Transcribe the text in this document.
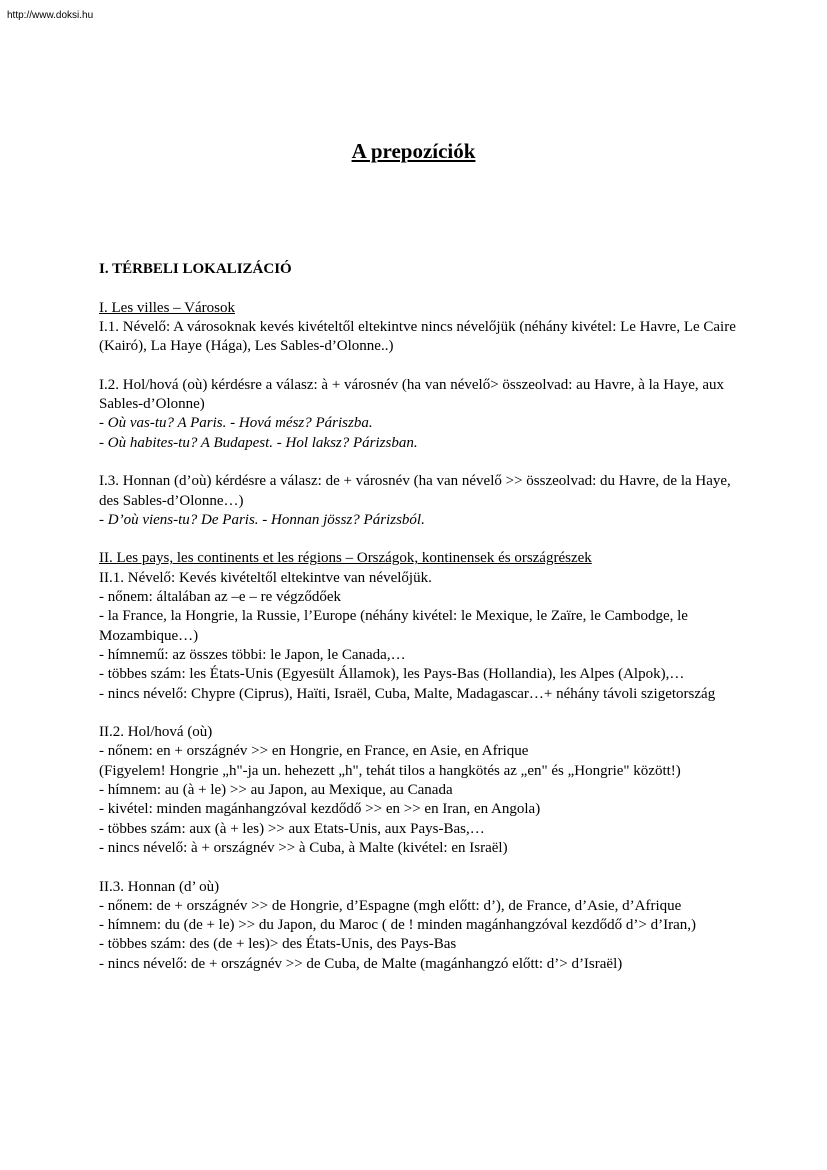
http://www.doksi.hu
A prepozíciók

I. TÉRBELI LOKALIZÁCIÓ

I. Les villes – Városok

I.1. Névelő: A városoknak kevés kivételtől eltekintve nincs névelőjük (néhány kivétel: Le Havre, Le Caire (Kairó), La Haye (Hága), Les Sables-d’Olonne..)

I.2. Hol/hová (où) kérdésre a válasz: à + városnév (ha van névelő> összeolvad: au Havre, à la Haye, aux Sables-d’Olonne)

- Où vas-tu? A Paris. - Hová mész? Páriszba.

- Où habites-tu? A Budapest. - Hol laksz? Párizsban.

I.3. Honnan (d’où) kérdésre a válasz: de + városnév (ha van névelő >> összeolvad: du Havre, de la Haye, des Sables-d’Olonne…)

- D’où viens-tu? De Paris. - Honnan jössz? Párizsból.

II. Les pays, les continents et les régions – Országok, kontinensek és országrészek

II.1. Névelő: Kevés kivételtől eltekintve van névelőjük.

- nőnem: általában az –e – re végződőek

- la France, la Hongrie, la Russie, l’Europe (néhány kivétel: le Mexique, le Zaïre, le Cambodge, le Mozambique…)

- hímnemű: az összes többi: le Japon, le Canada,…

- többes szám: les États-Unis (Egyesült Államok), les Pays-Bas (Hollandia), les Alpes (Alpok),…

- nincs névelő: Chypre (Ciprus), Haïti, Israël, Cuba, Malte, Madagascar…+ néhány távoli szigetország

II.2. Hol/hová (où)

- nőnem: en + országnév >> en Hongrie, en France, en Asie, en Afrique

(Figyelem! Hongrie „h"-ja un. hehezett „h", tehát tilos a hangkötés az „en" és „Hongrie" között!)

- hímnem: au (à + le) >> au Japon, au Mexique, au Canada

- kivétel: minden magánhangzóval kezdődő >> en >> en Iran, en Angola)

- többes szám: aux (à + les) >> aux Etats-Unis, aux Pays-Bas,…

- nincs névelő: à + országnév >> à Cuba, à Malte (kivétel: en Israël)

II.3. Honnan (d’ où)

- nőnem: de + országnév >> de Hongrie, d’Espagne (mgh előtt: d’), de France, d’Asie, d’Afrique

- hímnem: du (de + le) >> du Japon, du Maroc ( de ! minden magánhangzóval kezdődő d’> d’Iran,)

- többes szám: des (de + les)> des États-Unis, des Pays-Bas

- nincs névelő: de + országnév >> de Cuba, de Malte (magánhangzó előtt: d’> d’Israël)
